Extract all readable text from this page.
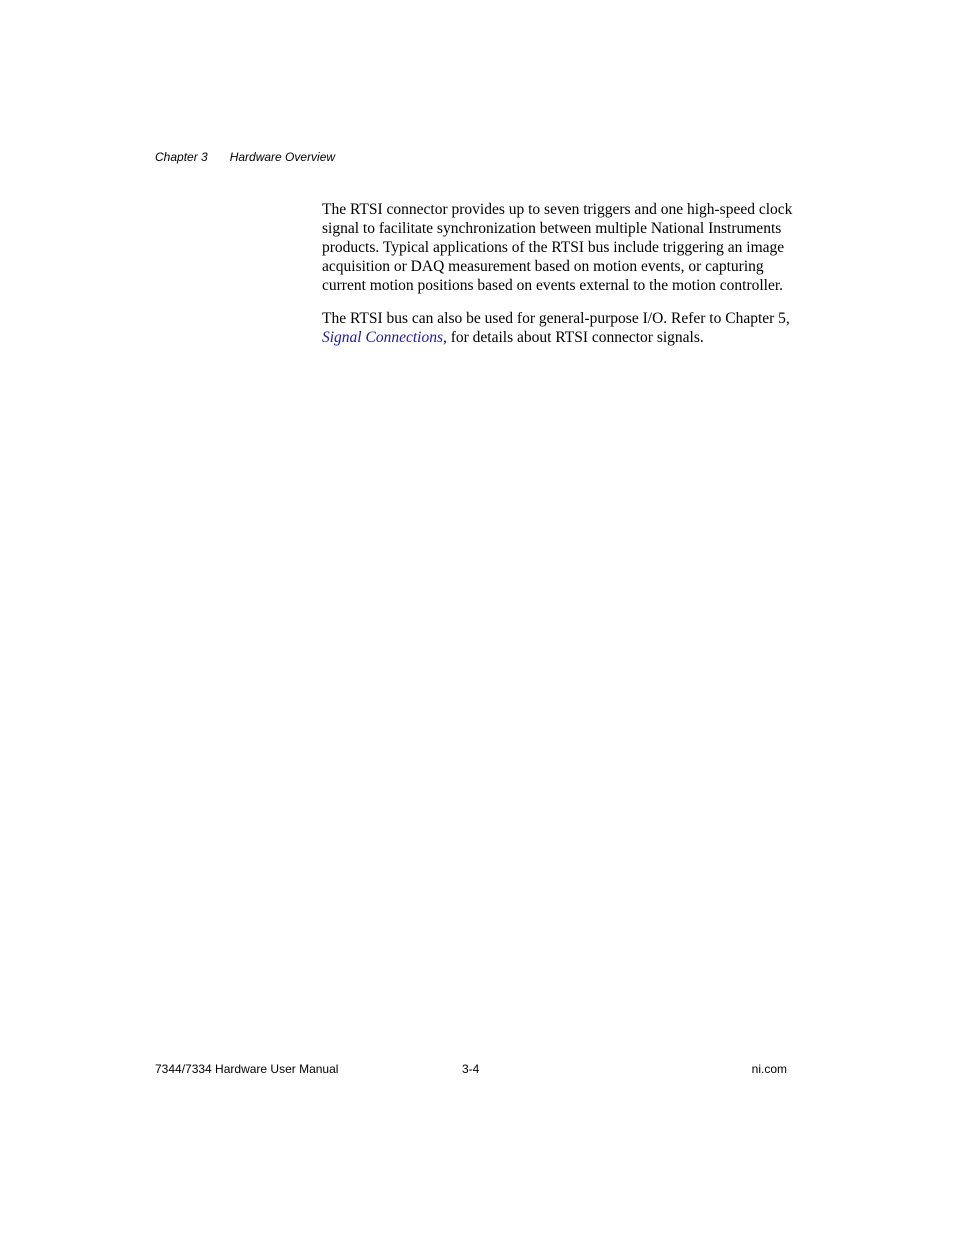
Chapter 3 Hardware Overview

The RTSI connector provides up to seven triggers and one high-speed clock
signal to facilitate synchronization between multiple National Instruments
products. Typical applications of the RTSI bus include triggering an image
acquisition or DAQ measurement based on motion events, or capturing
current motion positions based on events external to the motion controller.

The RTSI bus can also be used for general-purpose I/O. Refer to Chapter 5,
Signal Connections, for details about RTSI connector signals.

7344/7334 Hardware User Manual	3-4	ni.com
